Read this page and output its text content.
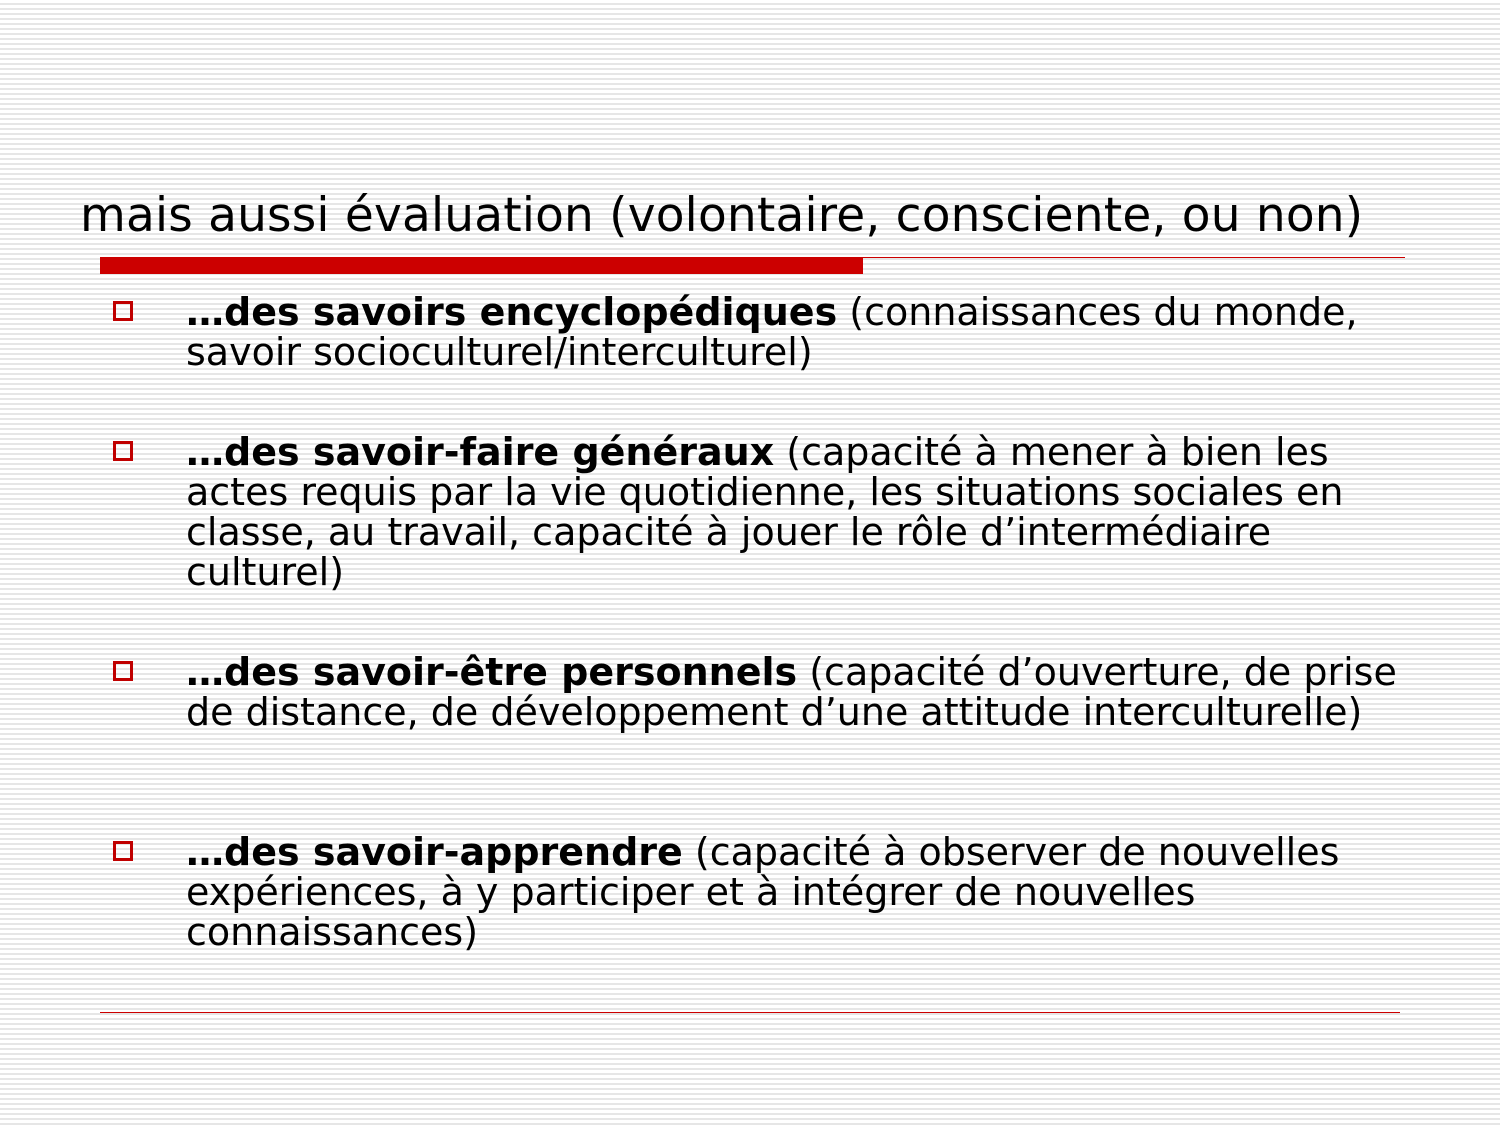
mais aussi évaluation (volontaire, consciente, ou non)
…des savoirs encyclopédiques (connaissances du monde, savoir socioculturel/interculturel)
…des savoir-faire généraux (capacité à mener à bien les actes requis par la vie quotidienne, les situations sociales en classe, au travail, capacité à jouer le rôle d’intermédiaire culturel)
…des savoir-être personnels (capacité d’ouverture, de prise de distance, de développement d’une attitude interculturelle)
…des savoir-apprendre (capacité à observer de nouvelles expériences, à y participer et à intégrer de nouvelles connaissances)
